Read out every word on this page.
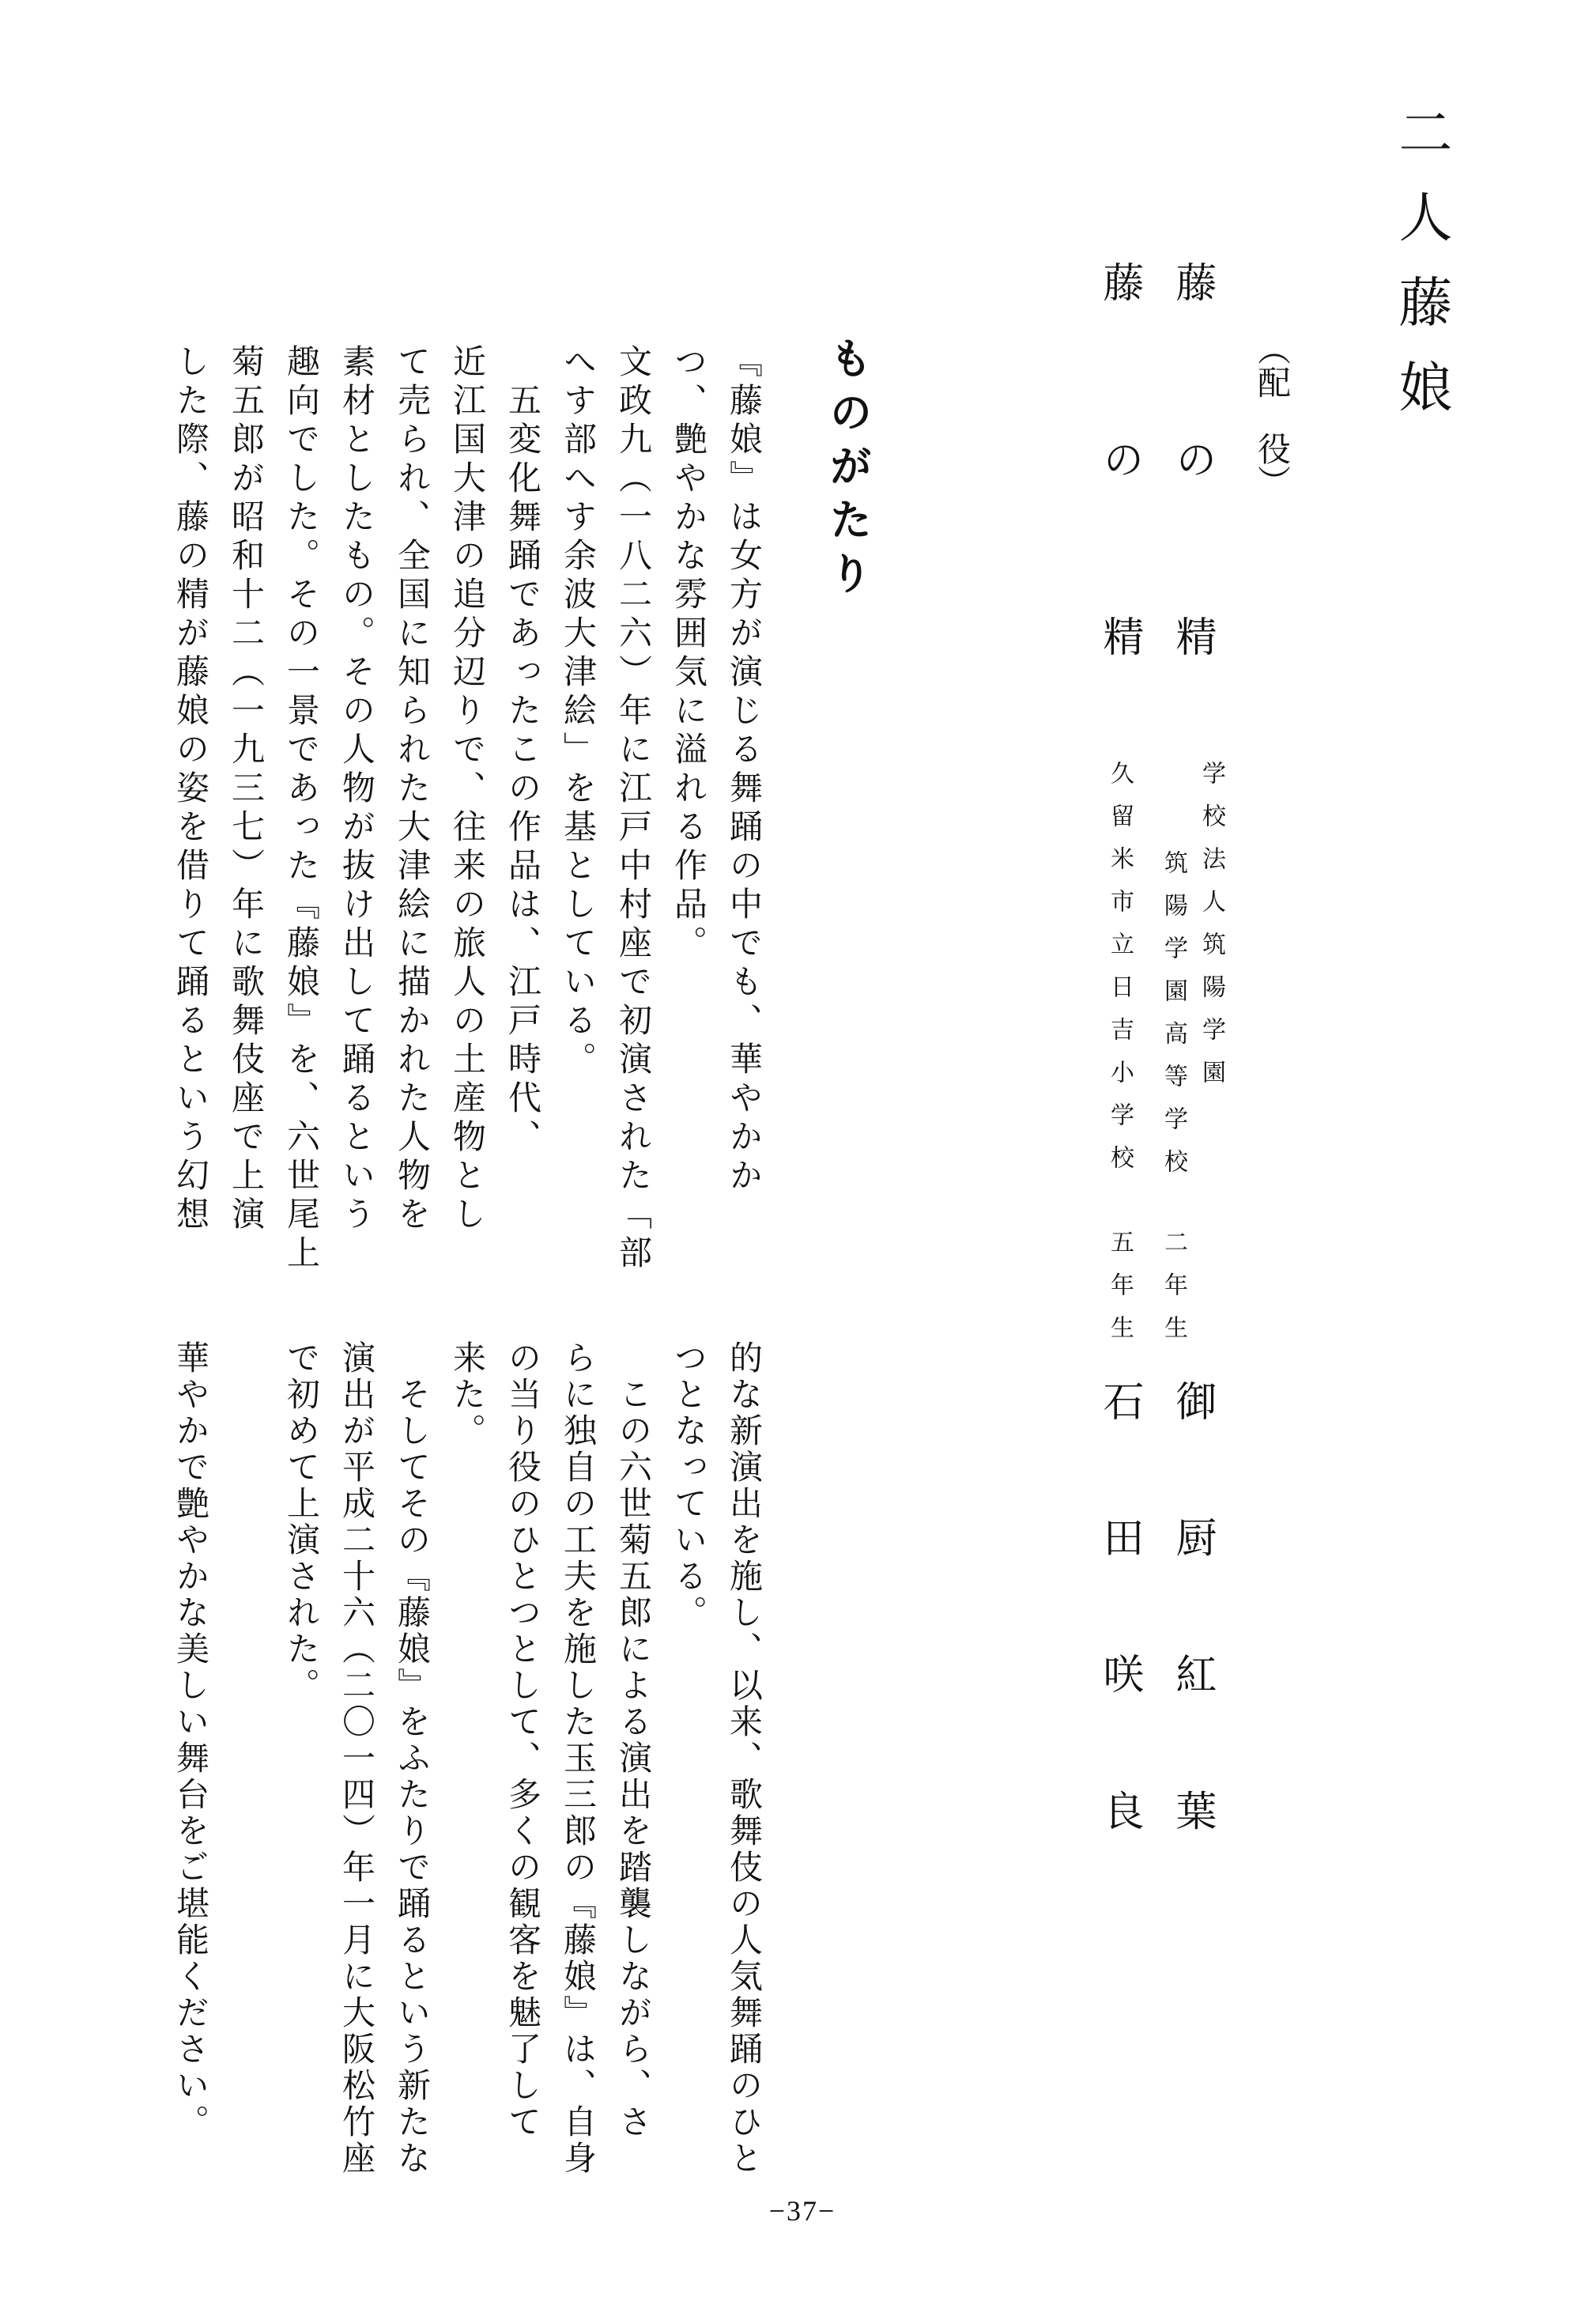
二人藤娘
（配　役）
藤　の　精
学校法人筑陽学園
筑陽学園高等学校
二年生
御　厨　紅　葉
藤　の　精
久留米市立日吉小学校
五年生
石　田　咲　良
ものがたり

『藤娘』は女方が演じる舞踊の中でも、華やかか

つ、艶やかな雰囲気に溢れる作品。

文政九（一八二六）年に江戸中村座で初演された「部

へす部へす余波大津絵」を基としている。

　五変化舞踊であったこの作品は、江戸時代、

近江国大津の追分辺りで、往来の旅人の土産物とし

て売られ、全国に知られた大津絵に描かれた人物を

素材としたもの。その人物が抜け出して踊るという

趣向でした。その一景であった『藤娘』を、六世尾上

菊五郎が昭和十二（一九三七）年に歌舞伎座で上演

した際、藤の精が藤娘の姿を借りて踊るという幻想

的な新演出を施し、以来、歌舞伎の人気舞踊のひと

つとなっている。

　この六世菊五郎による演出を踏襲しながら、さ

らに独自の工夫を施した玉三郎の『藤娘』は、自身

の当り役のひとつとして、多くの観客を魅了して

来た。

　そしてその『藤娘』をふたりで踊るという新たな

演出が平成二十六（二〇一四）年一月に大阪松竹座

で初めて上演された。

華やかで艶やかな美しい舞台をご堪能ください。

−37−
